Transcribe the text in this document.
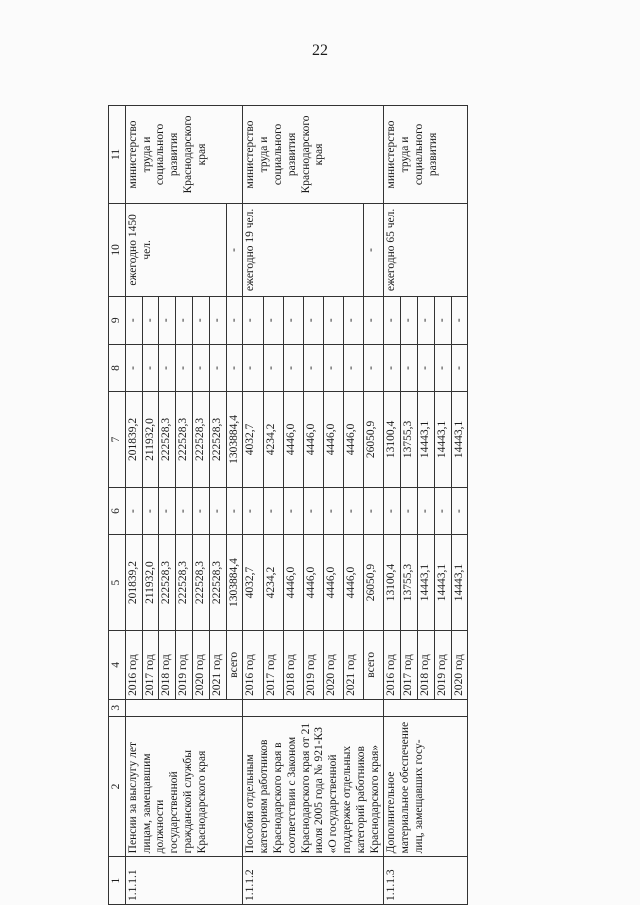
22
1	2	3	4	5	6	7	8	9	10	11
1.1.1.1	Пенсии за выслугу лет лицам, замещавшим должности государственной гражданской службы Краснодарского края		2016 год	201839,2	-	201839,2	-	-	ежегодно 1450 чел.	министерство труда и социального развития Краснодарского края
			2017 год	211932,0	-	211932,0	-	-		
			2018 год	222528,3	-	222528,3	-	-		
			2019 год	222528,3	-	222528,3	-	-		
			2020 год	222528,3	-	222528,3	-	-		
			2021 год	222528,3	-	222528,3	-	-		
			всего	1303884,4	-	1303884,4	-	-	-	
1.1.1.2	Пособия отдельным категориям работников Краснодарского края в соответствии с Законом Краснодарского края от 21 июля 2005 года № 921-КЗ «О государственной поддержке отдельных категорий работников Краснодарского края»		2016 год	4032,7	-	4032,7	-	-	ежегодно 19 чел.	министерство труда и социального развития Краснодарского края
			2017 год	4234,2	-	4234,2	-	-		
			2018 год	4446,0	-	4446,0	-	-		
			2019 год	4446,0	-	4446,0	-	-		
			2020 год	4446,0	-	4446,0	-	-		
			2021 год	4446,0	-	4446,0	-	-		
			всего	26050,9	-	26050,9	-	-	-	
1.1.1.3	Дополнительное материальное обеспечение лиц, замещавших госу-		2016 год	13100,4	-	13100,4	-	-	ежегодно 65 чел.	министерство труда и социального развития
			2017 год	13755,3	-	13755,3	-	-		
			2018 год	14443,1	-	14443,1	-	-		
			2019 год	14443,1	-	14443,1	-	-		
			2020 год	14443,1	-	14443,1	-	-		
